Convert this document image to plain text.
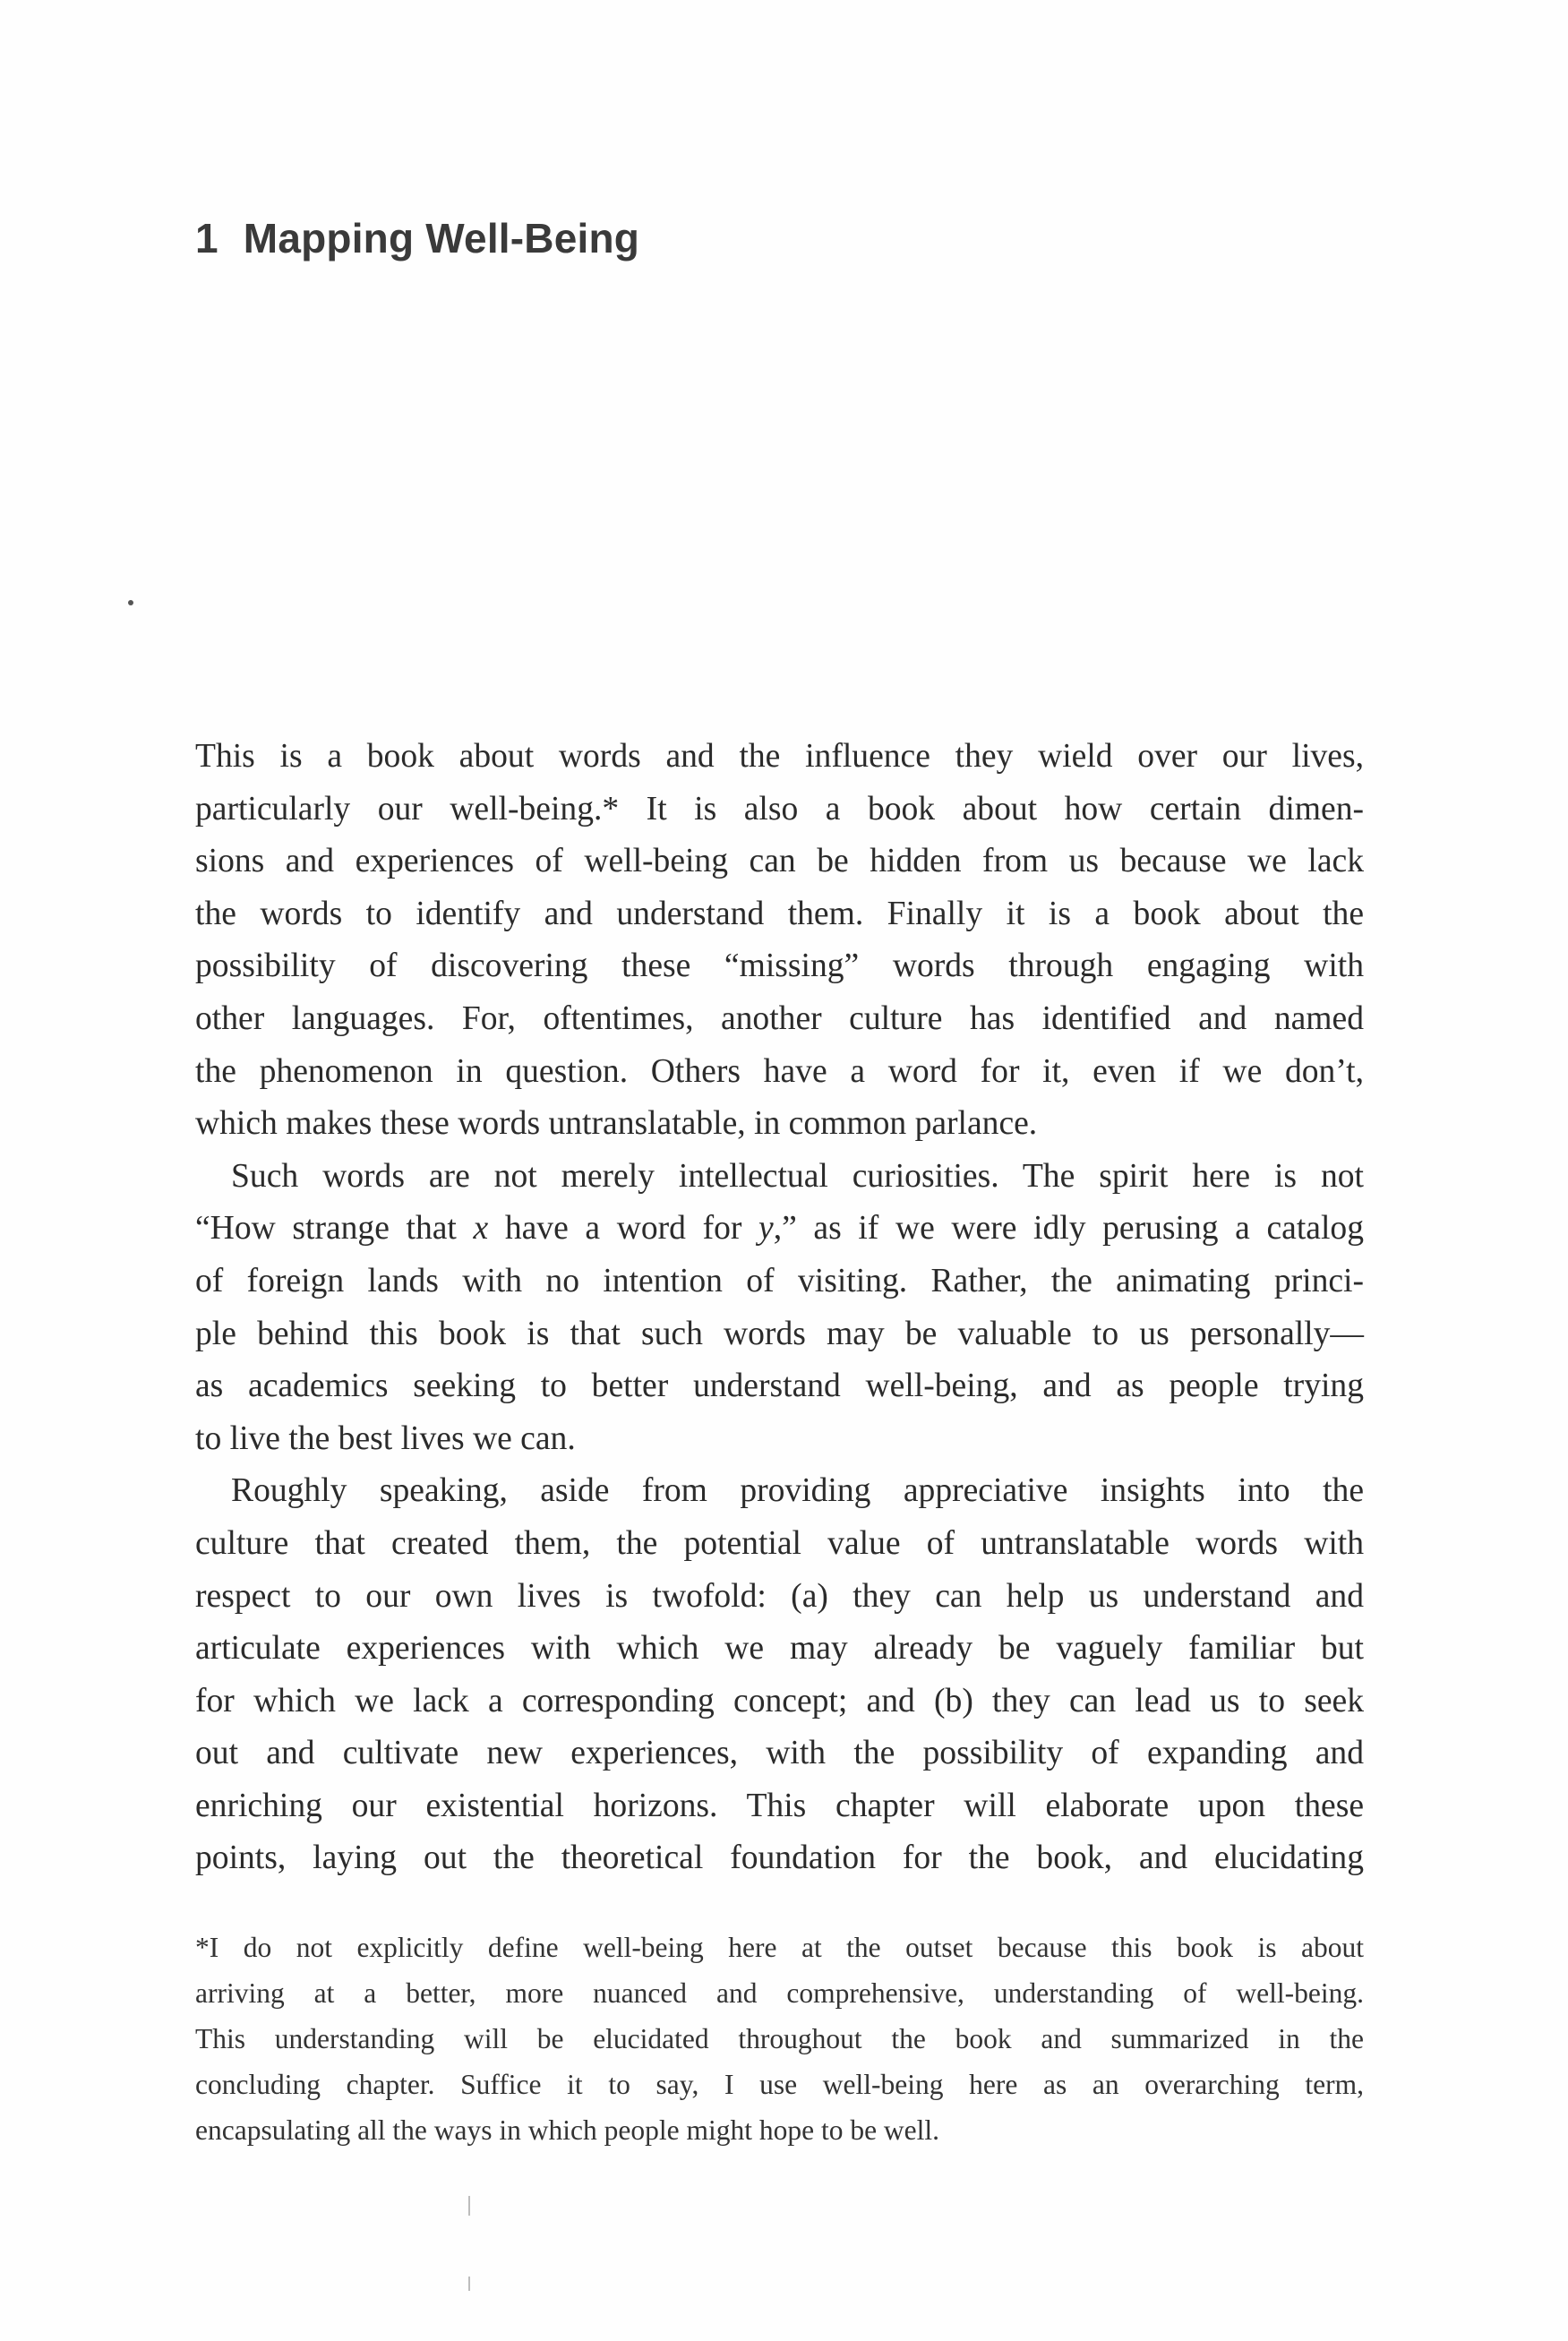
1 Mapping Well-Being
This is a book about words and the influence they wield over our lives,
particularly our well-being.* It is also a book about how certain dimen-
sions and experiences of well-being can be hidden from us because we lack
the words to identify and understand them. Finally it is a book about the
possibility of discovering these “missing” words through engaging with
other languages. For, oftentimes, another culture has identified and named
the phenomenon in question. Others have a word for it, even if we don’t,
which makes these words untranslatable, in common parlance.
Such words are not merely intellectual curiosities. The spirit here is not
“How strange that x have a word for y,” as if we were idly perusing a catalog
of foreign lands with no intention of visiting. Rather, the animating princi-
ple behind this book is that such words may be valuable to us personally—
as academics seeking to better understand well-being, and as people trying
to live the best lives we can.
Roughly speaking, aside from providing appreciative insights into the
culture that created them, the potential value of untranslatable words with
respect to our own lives is twofold: (a) they can help us understand and
articulate experiences with which we may already be vaguely familiar but
for which we lack a corresponding concept; and (b) they can lead us to seek
out and cultivate new experiences, with the possibility of expanding and
enriching our existential horizons. This chapter will elaborate upon these
points, laying out the theoretical foundation for the book, and elucidating
*I do not explicitly define well-being here at the outset because this book is about
arriving at a better, more nuanced and comprehensive, understanding of well-being.
This understanding will be elucidated throughout the book and summarized in the
concluding chapter. Suffice it to say, I use well-being here as an overarching term,
encapsulating all the ways in which people might hope to be well.
